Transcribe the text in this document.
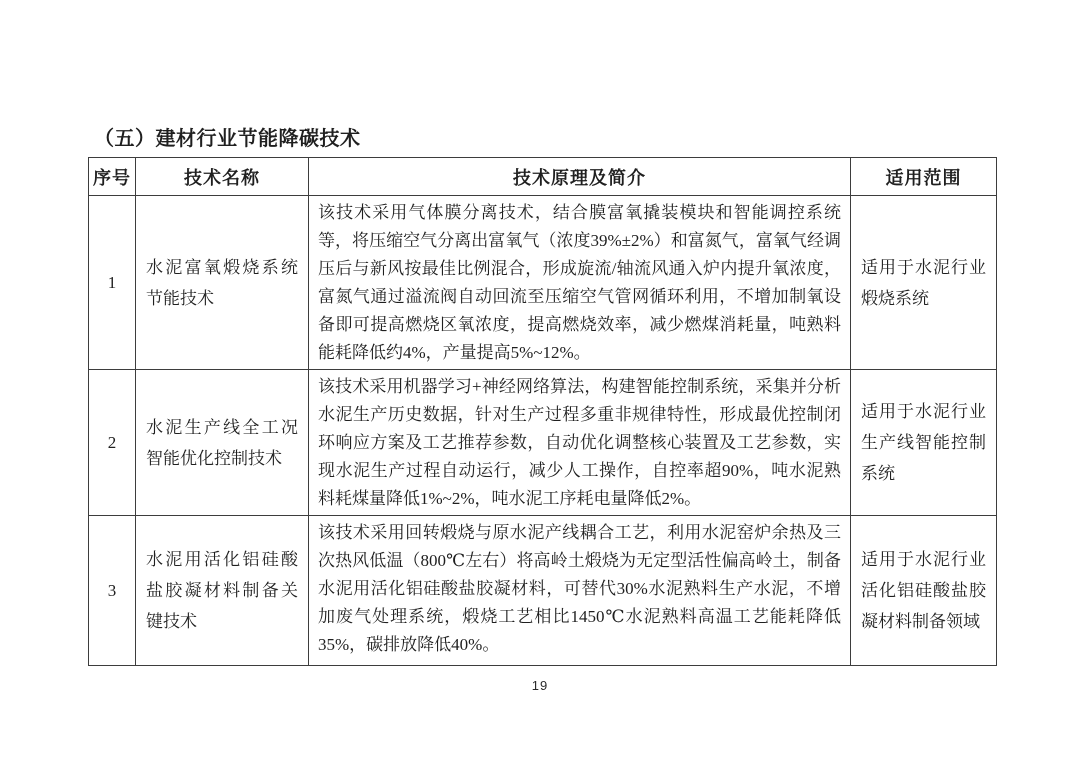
（五）建材行业节能降碳技术
序号	技术名称	技术原理及简介	适用范围
1	水泥富氧煅烧系统节能技术	该技术采用气体膜分离技术，结合膜富氧撬装模块和智能调控系统等，将压缩空气分离出富氧气（浓度39%±2%）和富氮气，富氧气经调压后与新风按最佳比例混合，形成旋流/轴流风通入炉内提升氧浓度，富氮气通过溢流阀自动回流至压缩空气管网循环利用，不增加制氧设备即可提高燃烧区氧浓度，提高燃烧效率，减少燃煤消耗量，吨熟料能耗降低约4%，产量提高5%~12%。	适用于水泥行业煅烧系统
2	水泥生产线全工况智能优化控制技术	该技术采用机器学习+神经网络算法，构建智能控制系统，采集并分析水泥生产历史数据，针对生产过程多重非规律特性，形成最优控制闭环响应方案及工艺推荐参数，自动优化调整核心装置及工艺参数，实现水泥生产过程自动运行，减少人工操作，自控率超90%，吨水泥熟料耗煤量降低1%~2%，吨水泥工序耗电量降低2%。	适用于水泥行业生产线智能控制系统
3	水泥用活化铝硅酸盐胶凝材料制备关键技术	该技术采用回转煅烧与原水泥产线耦合工艺，利用水泥窑炉余热及三次热风低温（800℃左右）将高岭土煅烧为无定型活性偏高岭土，制备水泥用活化铝硅酸盐胶凝材料，可替代30%水泥熟料生产水泥，不增加废气处理系统，煅烧工艺相比1450℃水泥熟料高温工艺能耗降低35%，碳排放降低40%。	适用于水泥行业活化铝硅酸盐胶凝材料制备领域
19
